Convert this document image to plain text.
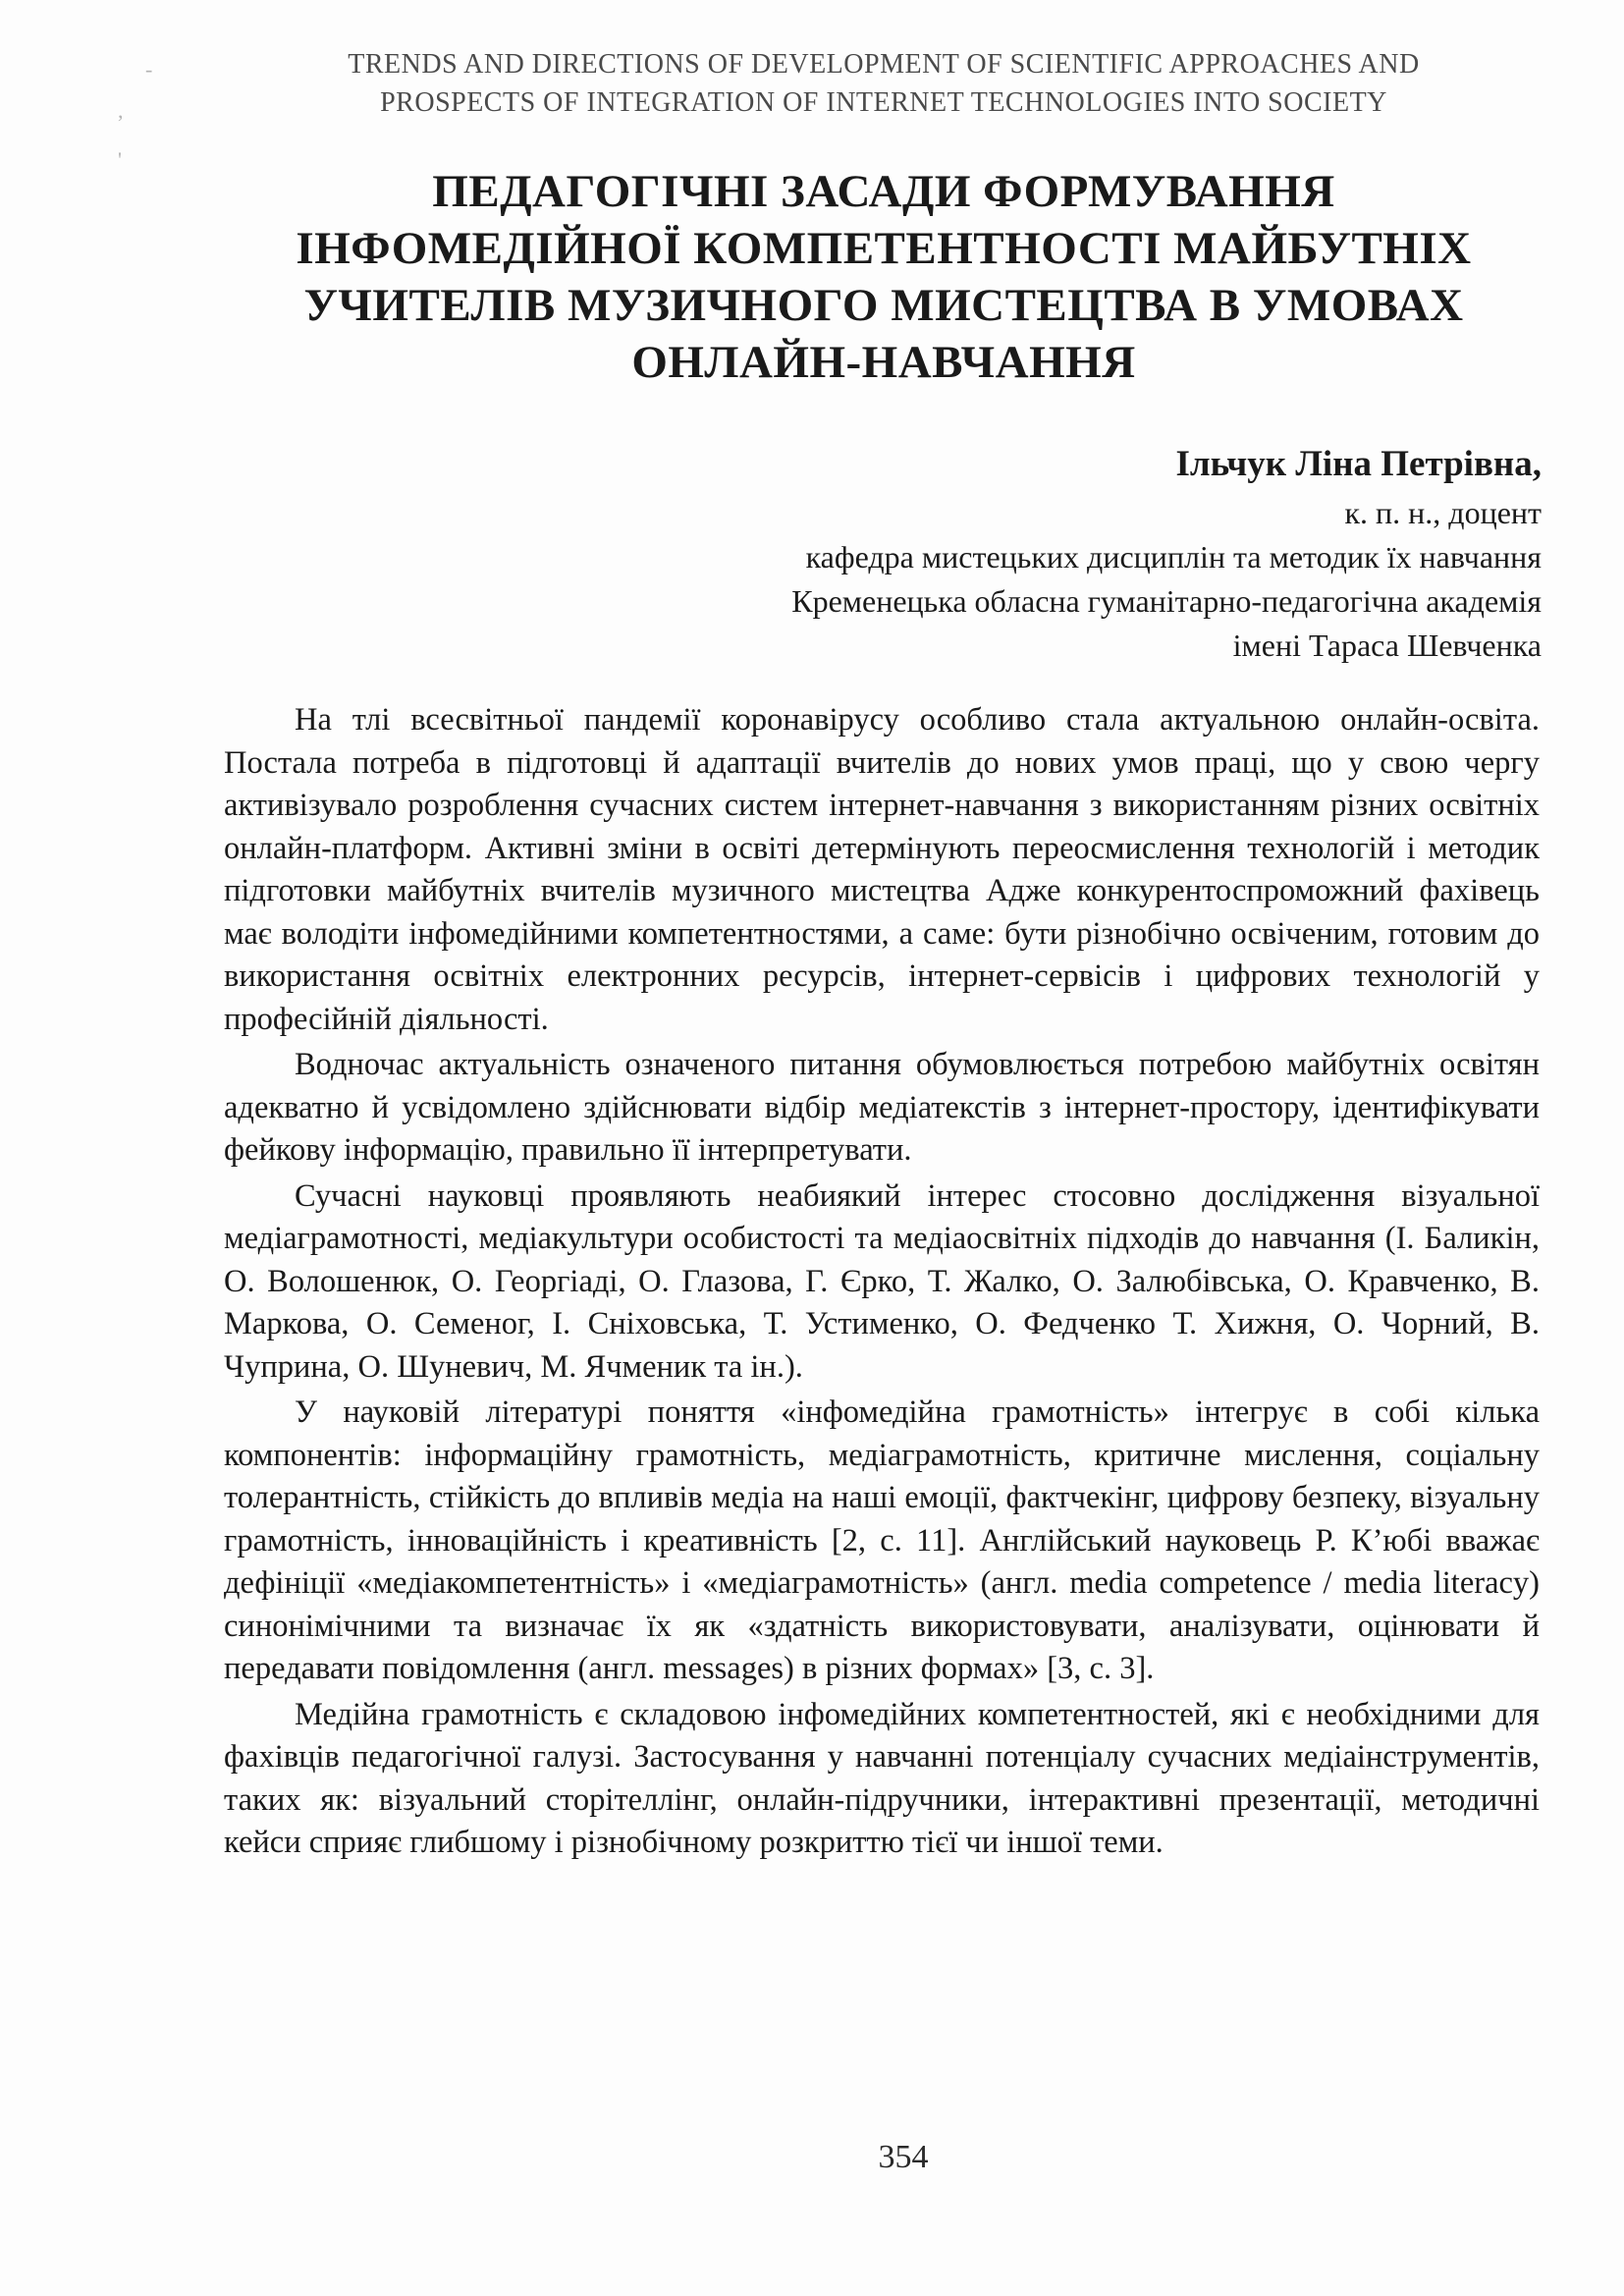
-
,
'
TRENDS AND DIRECTIONS OF DEVELOPMENT OF SCIENTIFIC APPROACHES AND
PROSPECTS OF INTEGRATION OF INTERNET TECHNOLOGIES INTO SOCIETY
ПЕДАГОГІЧНІ ЗАСАДИ ФОРМУВАННЯ
ІНФОМЕДІЙНОЇ КОМПЕТЕНТНОСТІ МАЙБУТНІХ
УЧИТЕЛІВ МУЗИЧНОГО МИСТЕЦТВА В УМОВАХ
ОНЛАЙН-НАВЧАННЯ
Ільчук Ліна Петрівна,
к. п. н., доцент
кафедра мистецьких дисциплін та методик їх навчання
Кременецька обласна гуманітарно-педагогічна академія
імені Тараса Шевченка

На тлі всесвітньої пандемії коронавірусу особливо стала актуальною онлайн-освіта. Постала потреба в підготовці й адаптації вчителів до нових умов праці, що у свою чергу активізувало розроблення сучасних систем інтернет-навчання з використанням різних освітніх онлайн-платформ. Активні зміни в освіті детермінують переосмислення технологій і методик підготовки майбутніх вчителів музичного мистецтва Адже конкурентоспроможний фахівець має володіти інфомедійними компетентностями, а саме: бути різнобічно освіченим, готовим до використання освітніх електронних ресурсів, інтернет-сервісів і цифрових технологій у професійній діяльності.

Водночас актуальність означеного питання обумовлюється потребою майбутніх освітян адекватно й усвідомлено здійснювати відбір медіатекстів з інтернет-простору, ідентифікувати фейкову інформацію, правильно її інтерпретувати.

Сучасні науковці проявляють неабиякий інтерес стосовно дослідження візуальної медіаграмотності, медіакультури особистості та медіаосвітніх підходів до навчання (І. Баликін, О. Волошенюк, О. Георгіаді, О. Глазова, Г. Єрко, Т. Жалко, О. Залюбівська, О. Кравченко, В. Маркова, О. Семеног, І. Сніховська, Т. Устименко, О. Федченко Т. Хижня, О. Чорний, В. Чуприна, О. Шуневич, М. Ячменик та ін.).

У науковій літературі поняття «інфомедійна грамотність» інтегрує в собі кілька компонентів: інформаційну грамотність, медіаграмотність, критичне мислення, соціальну толерантність, стійкість до впливів медіа на наші емоції, фактчекінг, цифрову безпеку, візуальну грамотність, інноваційність і креативність [2, с. 11]. Англійський науковець Р. К’юбі вважає дефініції «медіакомпетентність» і «медіаграмотність» (англ. media competence / media literacy) синонімічними та визначає їх як «здатність використовувати, аналізувати, оцінювати й передавати повідомлення (англ. messages) в різних формах» [3, с. 3].

Медійна грамотність є складовою інфомедійних компетентностей, які є необхідними для фахівців педагогічної галузі. Застосування у навчанні потенціалу сучасних медіаінструментів, таких як: візуальний сторітеллінг, онлайн-підручники, інтерактивні презентації, методичні кейси сприяє глибшому і різнобічному розкриттю тієї чи іншої теми.

354
